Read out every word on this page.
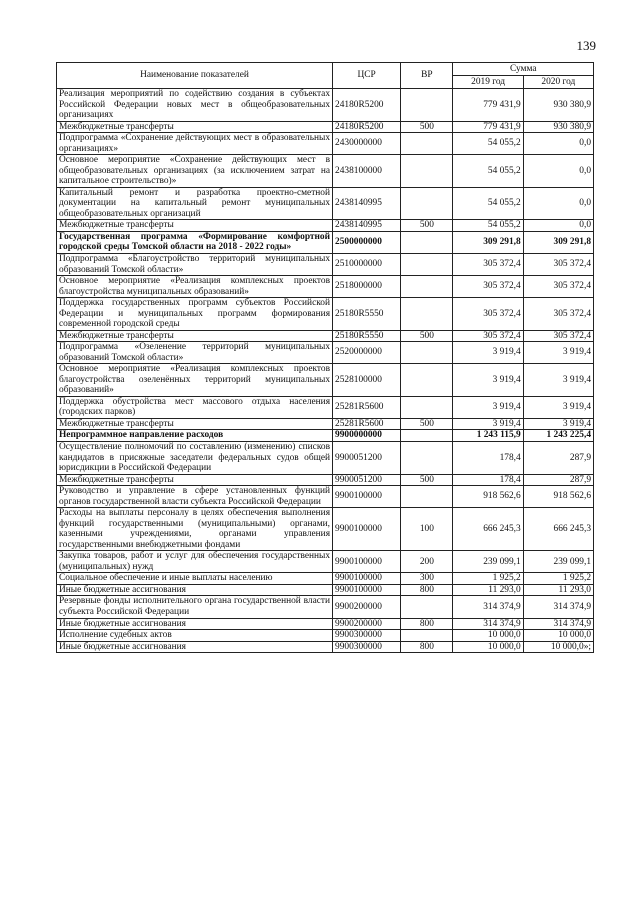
139
Наименование показателей	ЦСР	ВР	Сумма	
			2019 год	2020 год
Реализация мероприятий по содействию создания в субъектах Российской Федерации новых мест в общеобразовательных организациях	24180R5200		779 431,9	930 380,9
Межбюджетные трансферты	24180R5200	500	779 431,9	930 380,9
Подпрограмма «Сохранение действующих мест в образовательных организациях»	2430000000		54 055,2	0,0
Основное мероприятие «Сохранение действующих мест в общеобразовательных организациях (за исключением затрат на капитальное строительство)»	2438100000		54 055,2	0,0
Капитальный ремонт и разработка проектно-сметной документации на капитальный ремонт муниципальных общеобразовательных организаций	2438140995		54 055,2	0,0
Межбюджетные трансферты	2438140995	500	54 055,2	0,0
Государственная программа «Формирование комфортной городской среды Томской области на 2018 - 2022 годы»	2500000000		309 291,8	309 291,8
Подпрограмма «Благоустройство территорий муниципальных образований Томской области»	2510000000		305 372,4	305 372,4
Основное мероприятие «Реализация комплексных проектов благоустройства муниципальных образований»	2518000000		305 372,4	305 372,4
Поддержка государственных программ субъектов Российской Федерации и муниципальных программ формирования современной городской среды	25180R5550		305 372,4	305 372,4
Межбюджетные трансферты	25180R5550	500	305 372,4	305 372,4
Подпрограмма «Озеленение территорий муниципальных образований Томской области»	2520000000		3 919,4	3 919,4
Основное мероприятие «Реализация комплексных проектов благоустройства озеленённых территорий муниципальных образований»	2528100000		3 919,4	3 919,4
Поддержка обустройства мест массового отдыха населения (городских парков)	25281R5600		3 919,4	3 919,4
Межбюджетные трансферты	25281R5600	500	3 919,4	3 919,4
Непрограммное направление расходов	9900000000		1 243 115,9	1 243 225,4
Осуществление полномочий по составлению (изменению) списков кандидатов в присяжные заседатели федеральных судов общей юрисдикции в Российской Федерации	9900051200		178,4	287,9
Межбюджетные трансферты	9900051200	500	178,4	287,9
Руководство и управление в сфере установленных функций органов государственной власти субъекта Российской Федерации	9900100000		918 562,6	918 562,6
Расходы на выплаты персоналу в целях обеспечения выполнения функций государственными (муниципальными) органами, казенными учреждениями, органами управления государственными внебюджетными фондами	9900100000	100	666 245,3	666 245,3
Закупка товаров, работ и услуг для обеспечения государственных (муниципальных) нужд	9900100000	200	239 099,1	239 099,1
Социальное обеспечение и иные выплаты населению	9900100000	300	1 925,2	1 925,2
Иные бюджетные ассигнования	9900100000	800	11 293,0	11 293,0
Резервные фонды исполнительного органа государственной власти субъекта Российской Федерации	9900200000		314 374,9	314 374,9
Иные бюджетные ассигнования	9900200000	800	314 374,9	314 374,9
Исполнение судебных актов	9900300000		10 000,0	10 000,0
Иные бюджетные ассигнования	9900300000	800	10 000,0	10 000,0»;
